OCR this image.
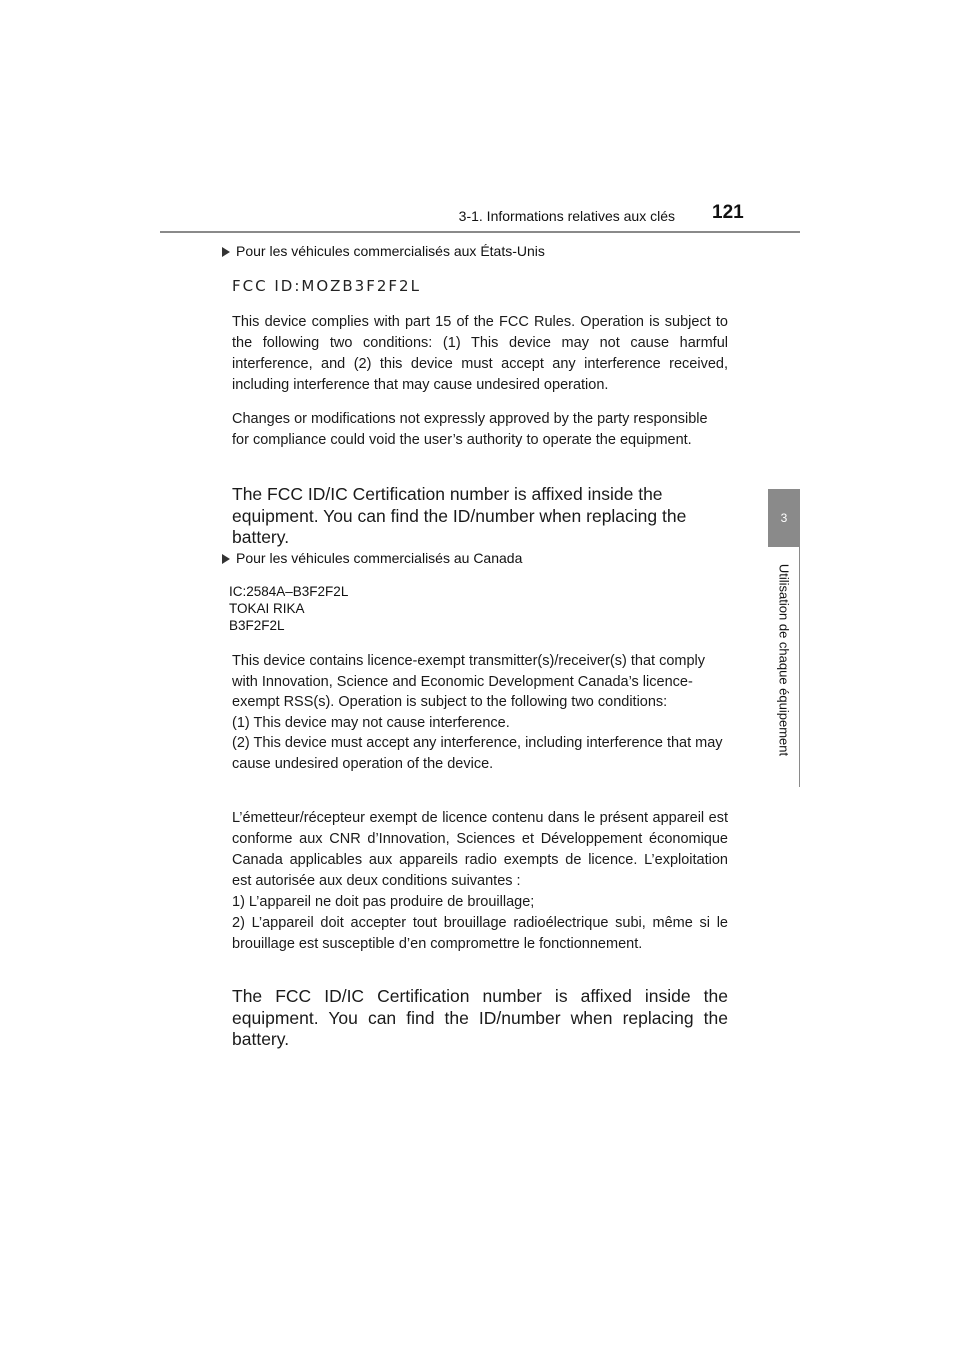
3-1. Informations relatives aux clés 121
3
Utilisation de chaque équipement
Pour les véhicules commercialisés aux États-Unis
FCC ID:MOZB3F2F2L
This device complies with part 15 of the FCC Rules. Operation is subject to the following two conditions: (1) This device may not cause harmful interference, and (2) this device must accept any interference received, including interference that may cause undesired operation.
Changes or modifications not expressly approved by the party responsible for compliance could void the user’s authority to operate the equipment.
The FCC ID/IC Certification number is affixed inside the equipment. You can find the ID/number when replacing the battery.
Pour les véhicules commercialisés au Canada
IC:2584A–B3F2F2L
TOKAI RIKA
B3F2F2L
This device contains licence-exempt transmitter(s)/receiver(s) that comply with Innovation, Science and Economic Development Canada’s licence-exempt RSS(s). Operation is subject to the following two conditions:
(1) This device may not cause interference.
(2) This device must accept any interference, including interference that may cause undesired operation of the device.
L’émetteur/récepteur exempt de licence contenu dans le présent appareil est conforme aux CNR d’Innovation, Sciences et Développement économique Canada applicables aux appareils radio exempts de licence. L’exploitation est autorisée aux deux conditions suivantes :
1) L’appareil ne doit pas produire de brouillage;
2) L’appareil doit accepter tout brouillage radioélectrique subi, même si le brouillage est susceptible d’en compromettre le fonctionnement.
The FCC ID/IC Certification number is affixed inside the equipment. You can find the ID/number when replacing the battery.
